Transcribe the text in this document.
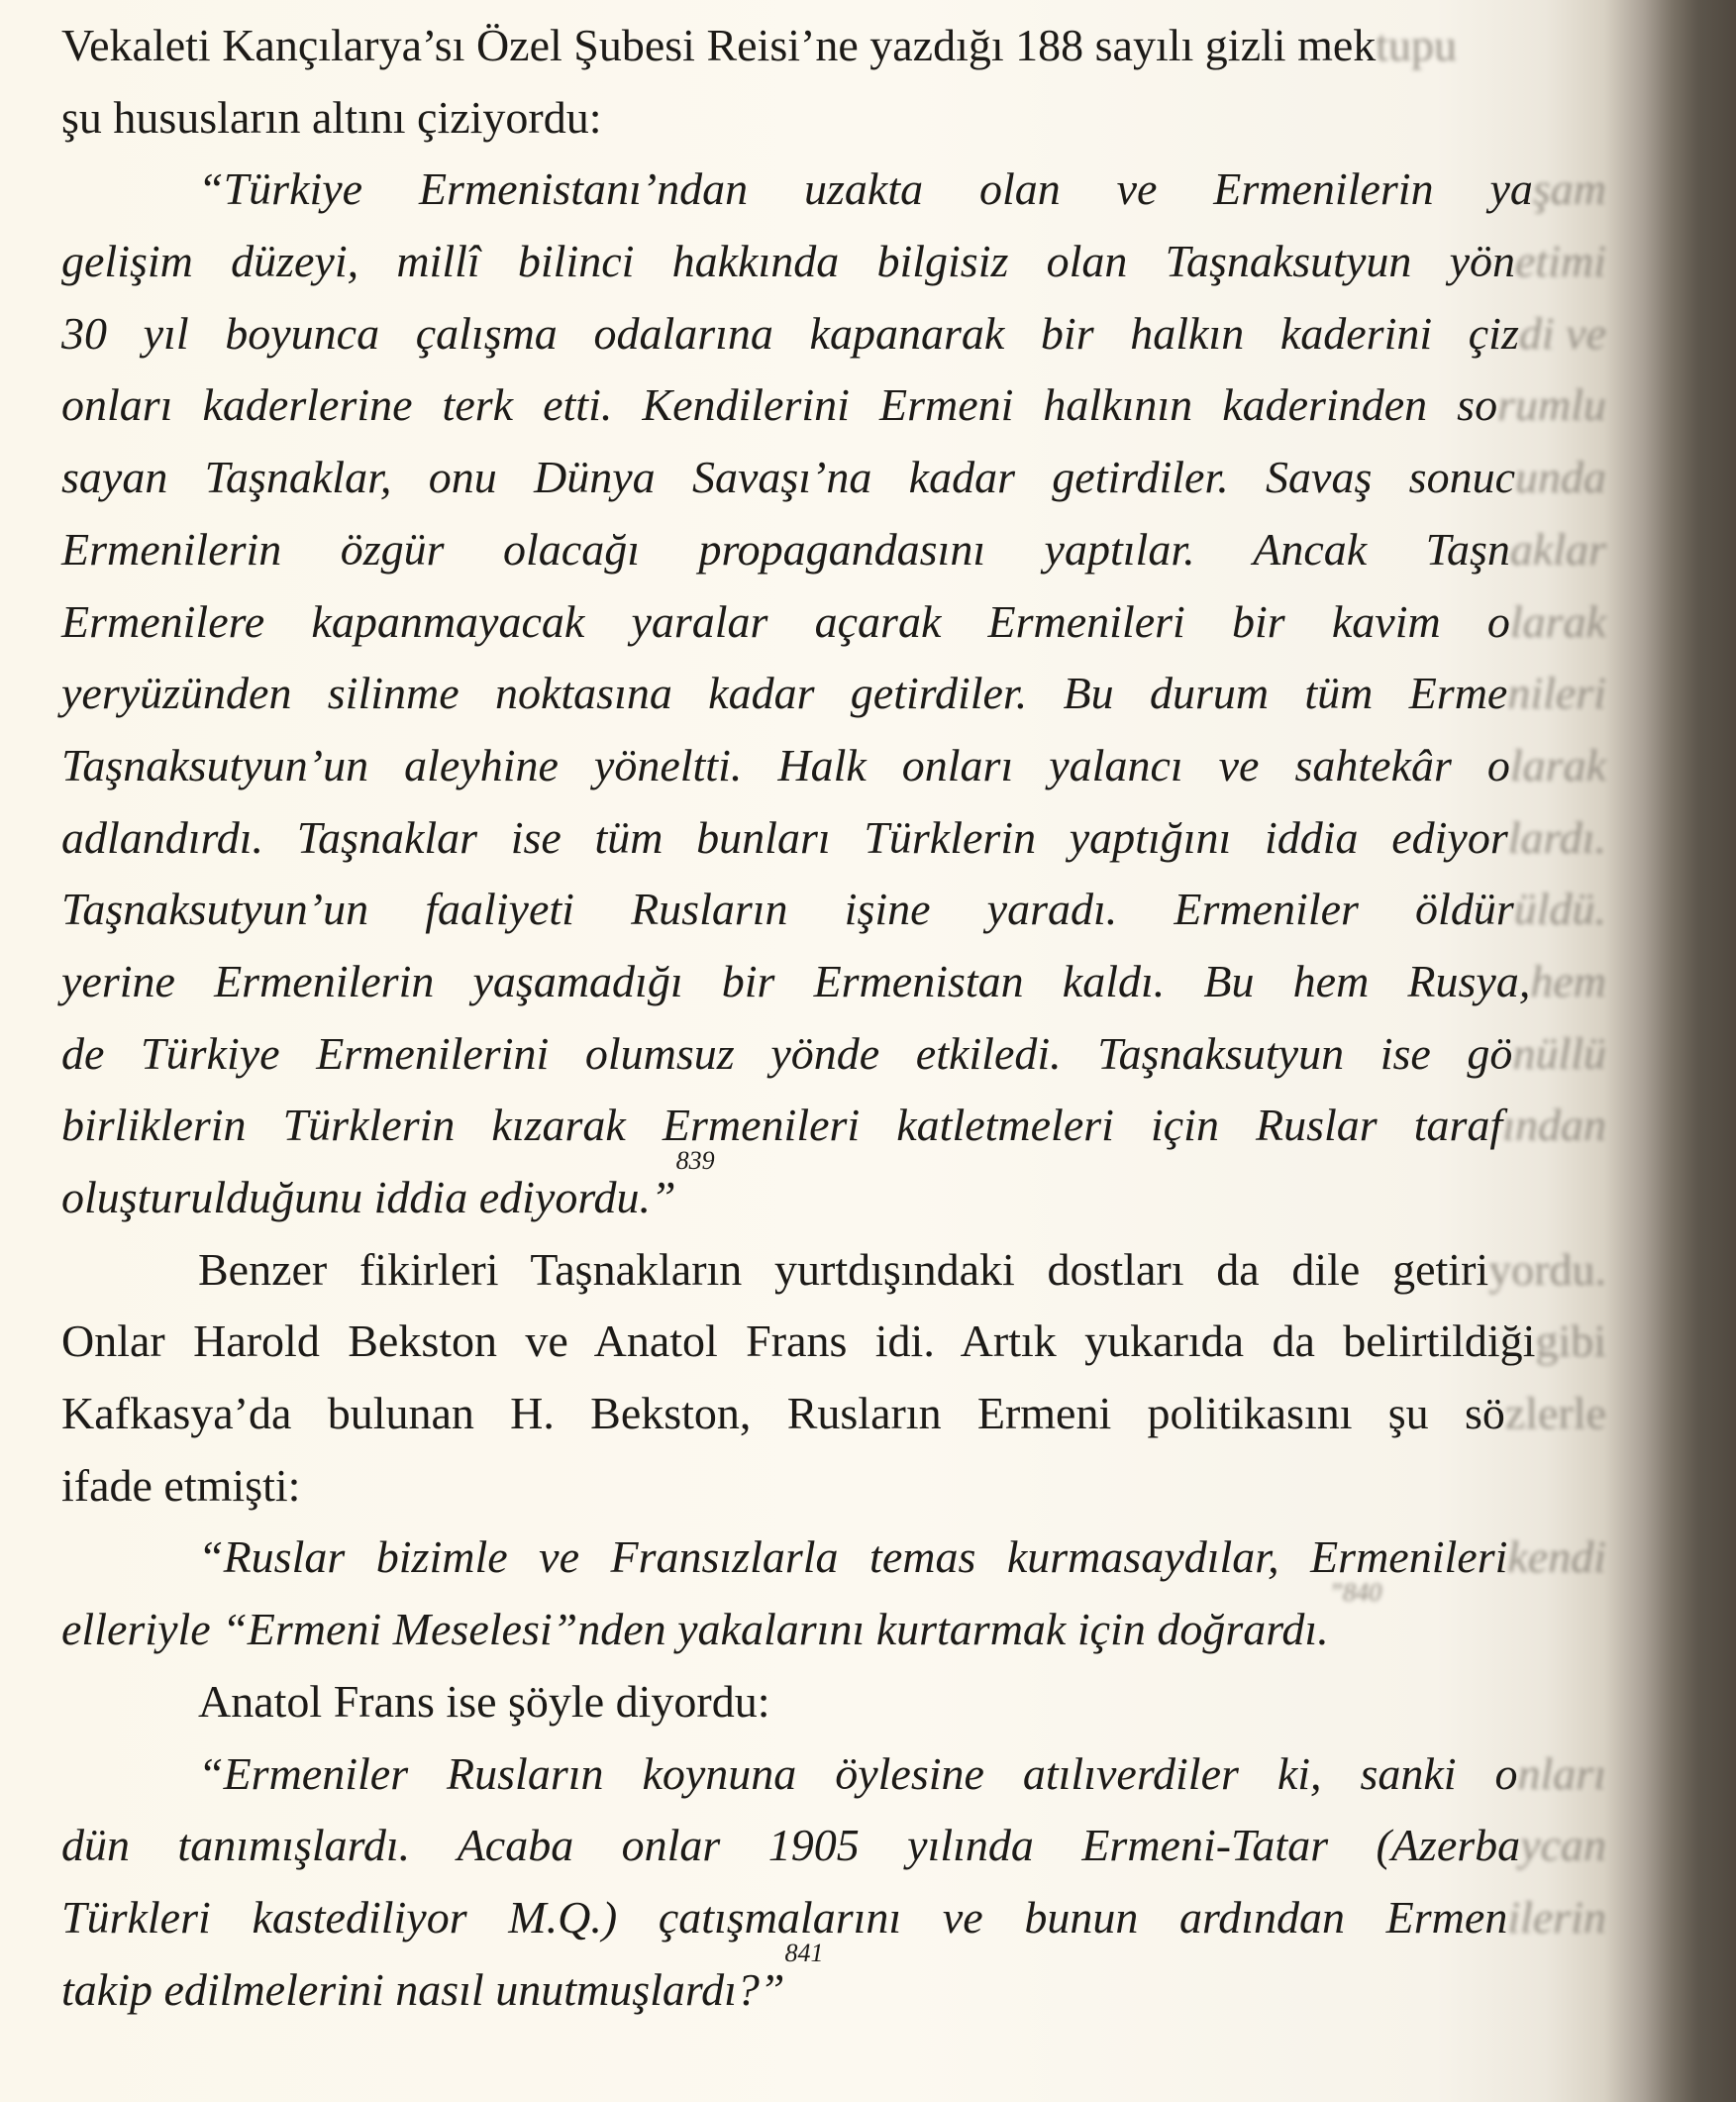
Vekaleti Kançılarya’sı Özel Şubesi Reisi’ne yazdığı 188 sayılı gizli mektupu
şu hususların altını çiziyordu:
“Türkiye Ermenistanı’ndan uzakta olan ve Ermenilerin yaşam
gelişim düzeyi, millî bilinci hakkında bilgisiz olan Taşnaksutyun yönetimi
30 yıl boyunca çalışma odalarına kapanarak bir halkın kaderini çizdi ve
onları kaderlerine terk etti. Kendilerini Ermeni halkının kaderinden sorumlu
sayan Taşnaklar, onu Dünya Savaşı’na kadar getirdiler. Savaş sonucunda
Ermenilerin özgür olacağı propagandasını yaptılar. Ancak Taşnaklar
Ermenilere kapanmayacak yaralar açarak Ermenileri bir kavim olarak
yeryüzünden silinme noktasına kadar getirdiler. Bu durum tüm Ermenileri
Taşnaksutyun’un aleyhine yöneltti. Halk onları yalancı ve sahtekâr olarak
adlandırdı. Taşnaklar ise tüm bunları Türklerin yaptığını iddia ediyorlardı.
Taşnaksutyun’un faaliyeti Rusların işine yaradı. Ermeniler öldürüldü.
yerine Ermenilerin yaşamadığı bir Ermenistan kaldı. Bu hem Rusya,hem
de Türkiye Ermenilerini olumsuz yönde etkiledi. Taşnaksutyun ise gönüllü
birliklerin Türklerin kızarak Ermenileri katletmeleri için Ruslar tarafından
oluşturulduğunu iddia ediyordu.”$^{839}$
Benzer fikirleri Taşnakların yurtdışındaki dostları da dile getiriyordu.
Onlar Harold Bekston ve Anatol Frans idi. Artık yukarıda da belirtildiğigibi
Kafkasya’da bulunan H. Bekston, Rusların Ermeni politikasını şu sözlerle
ifade etmişti:
“Ruslar bizimle ve Fransızlarla temas kurmasaydılar, Ermenilerikendi
elleriyle “Ermeni Meselesi”nden yakalarını kurtarmak için doğrardı.$^{”840}$
Anatol Frans ise şöyle diyordu:
“Ermeniler Rusların koynuna öylesine atılıverdiler ki, sanki onları
dün tanımışlardı. Acaba onlar 1905 yılında Ermeni-Tatar (Azerbaycan
Türkleri kastediliyor M.Q.) çatışmalarını ve bunun ardından Ermenilerin
takip edilmelerini nasıl unutmuşlardı?”$^{841}$
